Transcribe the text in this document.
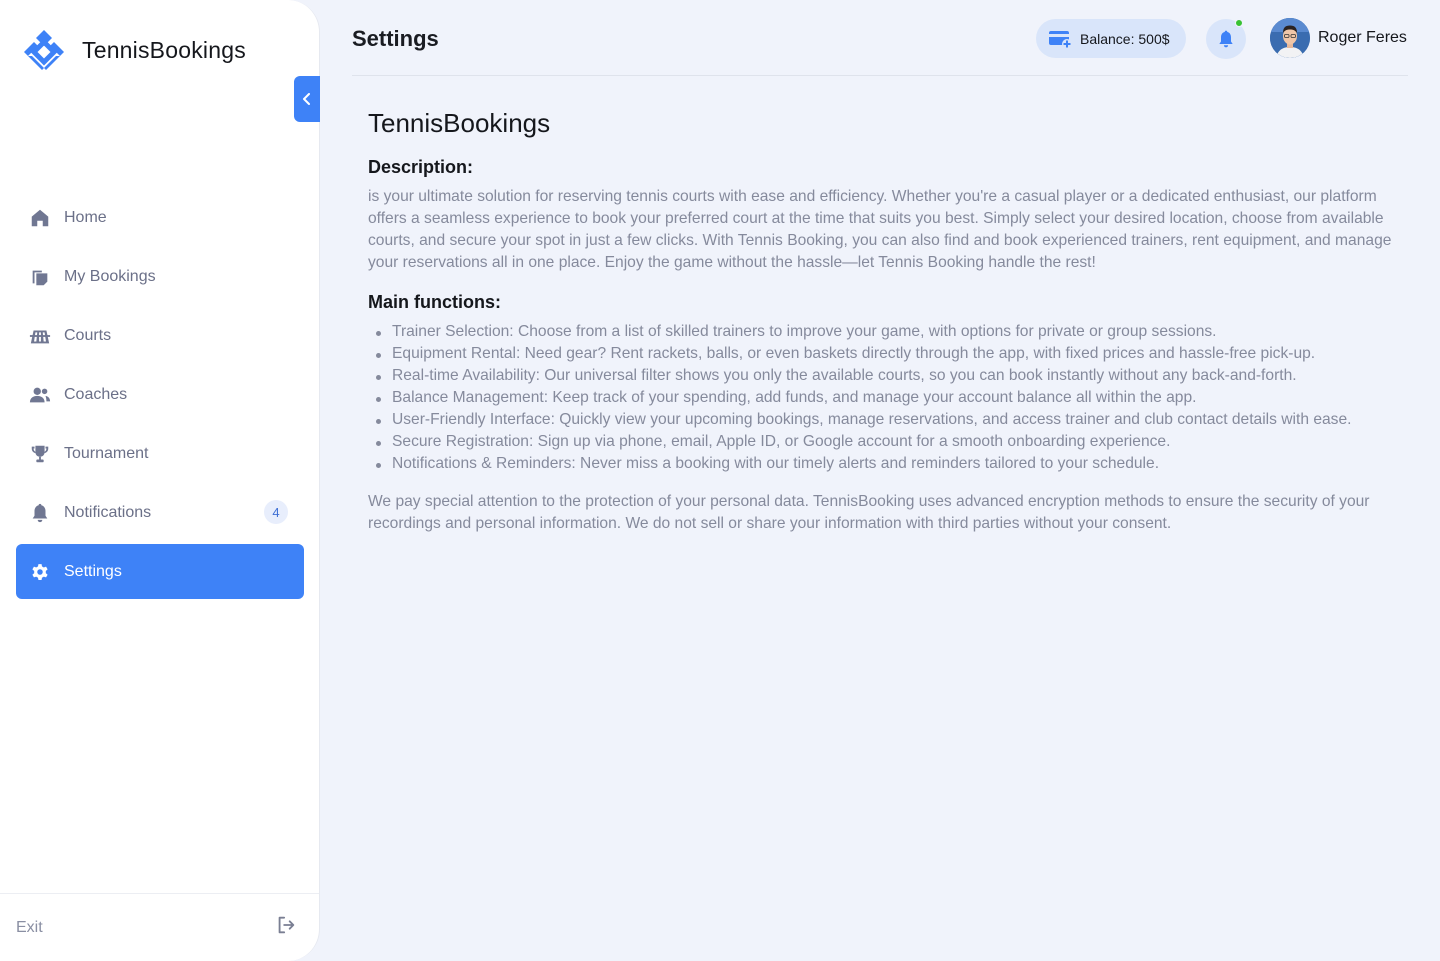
TennisBookings
Home
My Bookings
Courts
Coaches
Tournament
Notifications	4
Settings
Exit
Settings	Balance: 500$	Roger Feres
TennisBookings
Description:

is your ultimate solution for reserving tennis courts with ease and efficiency. Whether you're a casual player or a dedicated enthusiast, our platform offers a seamless experience to book your preferred court at the time that suits you best. Simply select your desired location, choose from available courts, and secure your spot in just a few clicks. With Tennis Booking, you can also find and book experienced trainers, rent equipment, and manage your reservations all in one place. Enjoy the game without the hassle—let Tennis Booking handle the rest!

Main functions:
Trainer Selection: Choose from a list of skilled trainers to improve your game, with options for private or group sessions.
Equipment Rental: Need gear? Rent rackets, balls, or even baskets directly through the app, with fixed prices and hassle-free pick-up.
Real-time Availability: Our universal filter shows you only the available courts, so you can book instantly without any back-and-forth.
Balance Management: Keep track of your spending, add funds, and manage your account balance all within the app.
User-Friendly Interface: Quickly view your upcoming bookings, manage reservations, and access trainer and club contact details with ease.
Secure Registration: Sign up via phone, email, Apple ID, or Google account for a smooth onboarding experience.
Notifications & Reminders: Never miss a booking with our timely alerts and reminders tailored to your schedule.

We pay special attention to the protection of your personal data. TennisBooking uses advanced encryption methods to ensure the security of your recordings and personal information. We do not sell or share your information with third parties without your consent.
